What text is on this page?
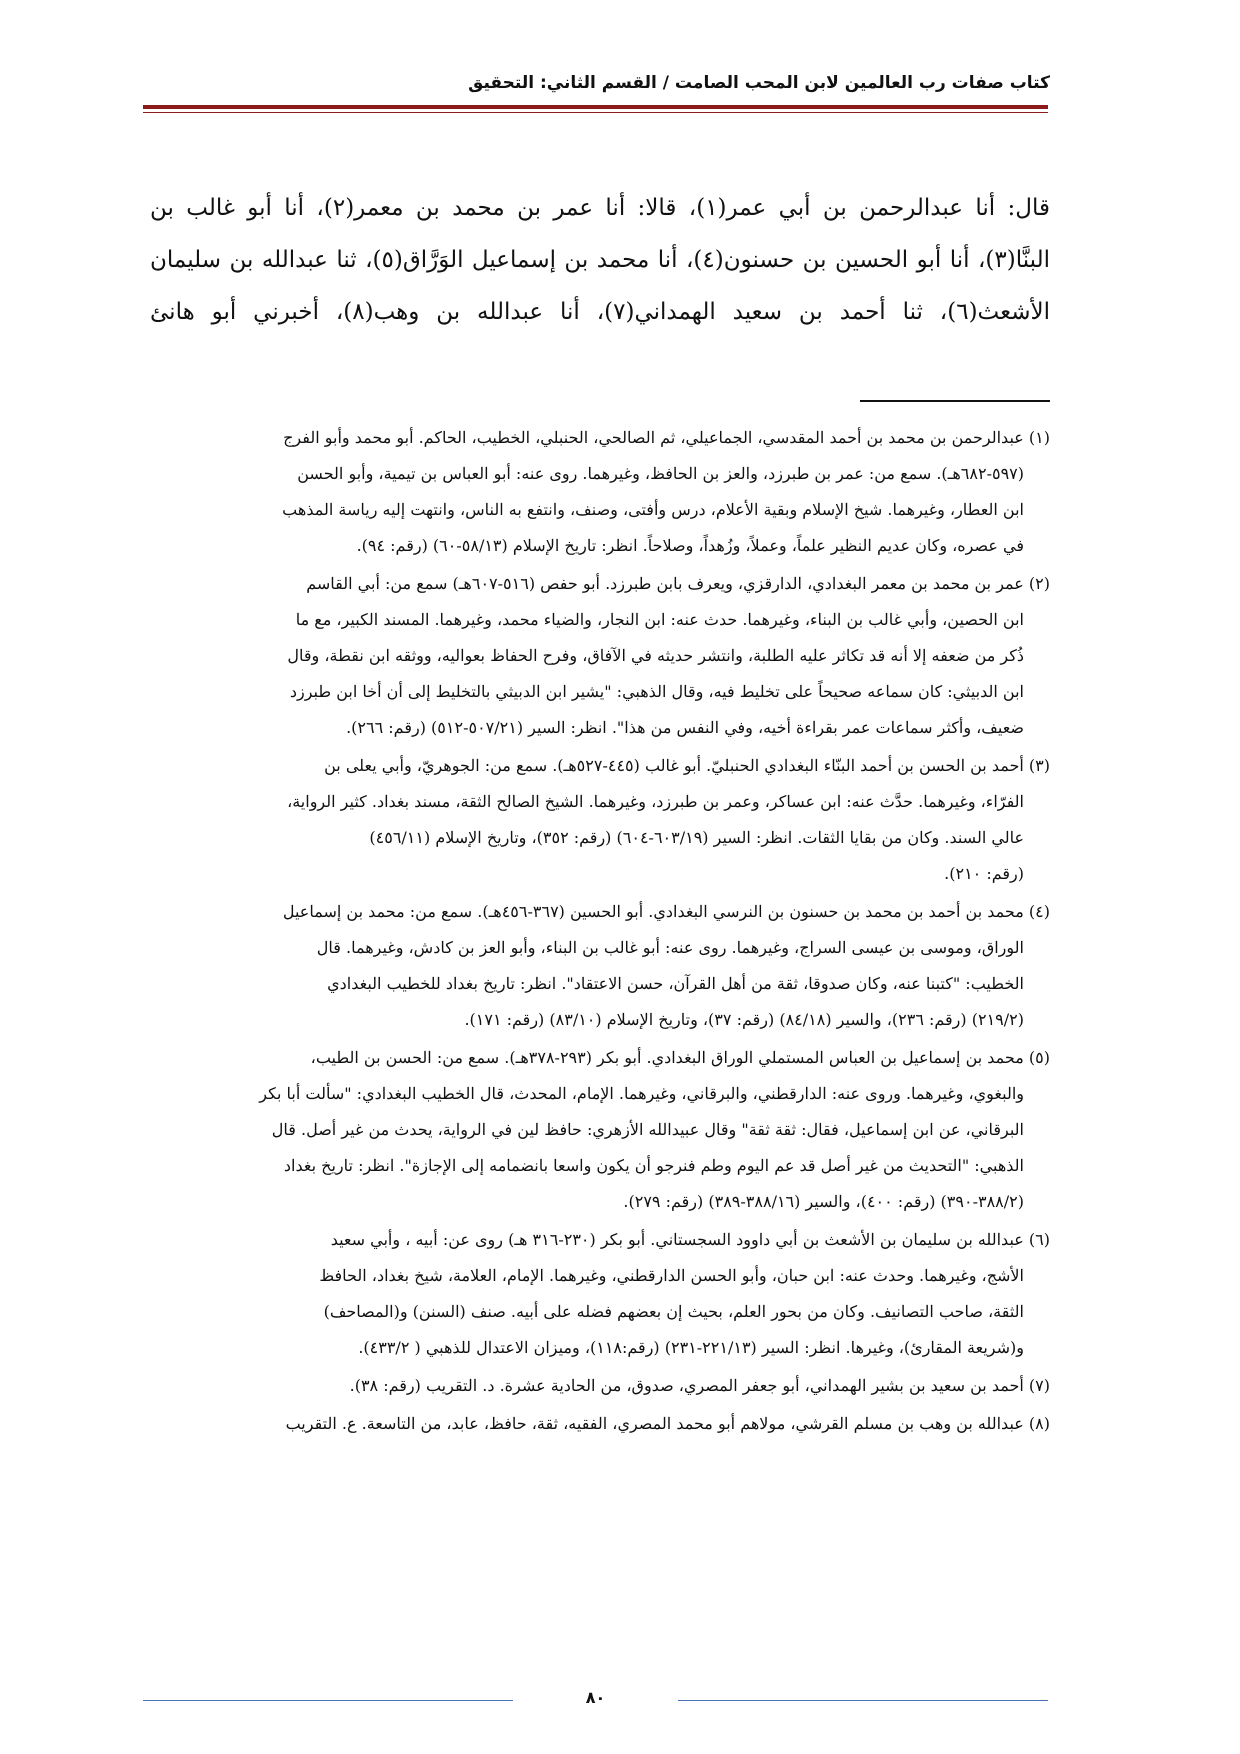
كتاب صفات رب العالمين لابن المحب الصامت / القسم الثاني: التحقيق
قال: أنا عبدالرحمن بن أبي عمر(١)، قالا: أنا عمر بن محمد بن معمر(٢)، أنا أبو غالب بن
البنَّا(٣)، أنا أبو الحسين بن حسنون(٤)، أنا محمد بن إسماعيل الوَرَّاق(٥)، ثنا عبدالله بن سليمان
الأشعث(٦)، ثنا أحمد بن سعيد الهمداني(٧)، أنا عبدالله بن وهب(٨)، أخبرني أبو هانئ
(١) عبدالرحمن بن محمد بن أحمد المقدسي، الجماعيلي، ثم الصالحي، الحنبلي، الخطيب، الحاكم. أبو محمد وأبو الفرج
(٥٩٧-٦٨٢هـ). سمع من: عمر بن طبرزد، والعز بن الحافظ، وغيرهما. روى عنه: أبو العباس بن تيمية، وأبو الحسن
ابن العطار، وغيرهما. شيخ الإسلام وبقية الأعلام، درس وأفتى، وصنف، وانتفع به الناس، وانتهت إليه رياسة المذهب
في عصره، وكان عديم النظير علماً، وعملاً، وزُهداً، وصلاحاً. انظر: تاريخ الإسلام (٥٨/١٣-٦٠) (رقم: ٩٤).
(٢) عمر بن محمد بن معمر البغدادي، الدارقزي، ويعرف بابن طبرزد. أبو حفص (٥١٦-٦٠٧هـ) سمع من: أبي القاسم
ابن الحصين، وأبي غالب بن البناء، وغيرهما. حدث عنه: ابن النجار، والضياء محمد، وغيرهما. المسند الكبير، مع ما
ذُكر من ضعفه إلا أنه قد تكاثر عليه الطلبة، وانتشر حديثه في الآفاق، وفرح الحفاظ بعواليه، ووثقه ابن نقطة، وقال
ابن الدبيثي: كان سماعه صحيحاً على تخليط فيه، وقال الذهبي: "يشير ابن الدبيثي بالتخليط إلى أن أخا ابن طبرزد
ضعيف، وأكثر سماعات عمر بقراءة أخيه، وفي النفس من هذا". انظر: السير (٥٠٧/٢١-٥١٢) (رقم: ٢٦٦).
(٣) أحمد بن الحسن بن أحمد البنّاء البغدادي الحنبليّ. أبو غالب (٤٤٥-٥٢٧هـ). سمع من: الجوهريّ، وأبي يعلى بن
الفرّاء، وغيرهما. حدَّث عنه: ابن عساكر، وعمر بن طبرزد، وغيرهما. الشيخ الصالح الثقة، مسند بغداد. كثير الرواية،
عالي السند. وكان من بقايا الثقات. انظر: السير (٦٠٣/١٩-٦٠٤) (رقم: ٣٥٢)، وتاريخ الإسلام (٤٥٦/١١)
(رقم: ٢١٠).
(٤) محمد بن أحمد بن محمد بن حسنون بن النرسي البغدادي. أبو الحسين (٣٦٧-٤٥٦هـ). سمع من: محمد بن إسماعيل
الوراق، وموسى بن عيسى السراج، وغيرهما. روى عنه: أبو غالب بن البناء، وأبو العز بن كادش، وغيرهما. قال
الخطيب: "كتبنا عنه، وكان صدوقا، ثقة من أهل القرآن، حسن الاعتقاد". انظر: تاريخ بغداد للخطيب البغدادي
(٢١٩/٢) (رقم: ٢٣٦)، والسير (٨٤/١٨) (رقم: ٣٧)، وتاريخ الإسلام (٨٣/١٠) (رقم: ١٧١).
(٥) محمد بن إسماعيل بن العباس المستملي الوراق البغدادي. أبو بكر (٢٩٣-٣٧٨هـ). سمع من: الحسن بن الطيب،
والبغوي، وغيرهما. وروى عنه: الدارقطني، والبرقاني، وغيرهما. الإمام، المحدث، قال الخطيب البغدادي: "سألت أبا بكر
البرقاني، عن ابن إسماعيل، فقال: ثقة ثقة" وقال عبيدالله الأزهري: حافظ لين في الرواية، يحدث من غير أصل. قال
الذهبي: "التحديث من غير أصل قد عم اليوم وطم فنرجو أن يكون واسعا بانضمامه إلى الإجازة". انظر: تاريخ بغداد
(٣٨٨/٢-٣٩٠) (رقم: ٤٠٠)، والسير (٣٨٨/١٦-٣٨٩) (رقم: ٢٧٩).
(٦) عبدالله بن سليمان بن الأشعث بن أبي داوود السجستاني. أبو بكر (٢٣٠-٣١٦ هـ) روى عن: أبيه ، وأبي سعيد
الأشج، وغيرهما. وحدث عنه: ابن حبان، وأبو الحسن الدارقطني، وغيرهما. الإمام، العلامة، شيخ بغداد، الحافظ
الثقة، صاحب التصانيف. وكان من بحور العلم، بحيث إن بعضهم فضله على أبيه. صنف (السنن) و(المصاحف)
و(شريعة المقارئ)، وغيرها. انظر: السير (٢٢١/١٣-٢٣١) (رقم:١١٨)، وميزان الاعتدال للذهبي ( ٤٣٣/٢).
(٧) أحمد بن سعيد بن بشير الهمداني، أبو جعفر المصري، صدوق، من الحادية عشرة. د. التقريب (رقم: ٣٨).
(٨) عبدالله بن وهب بن مسلم القرشي، مولاهم أبو محمد المصري، الفقيه، ثقة، حافظ، عابد، من التاسعة. ع. التقريب
٨٠
